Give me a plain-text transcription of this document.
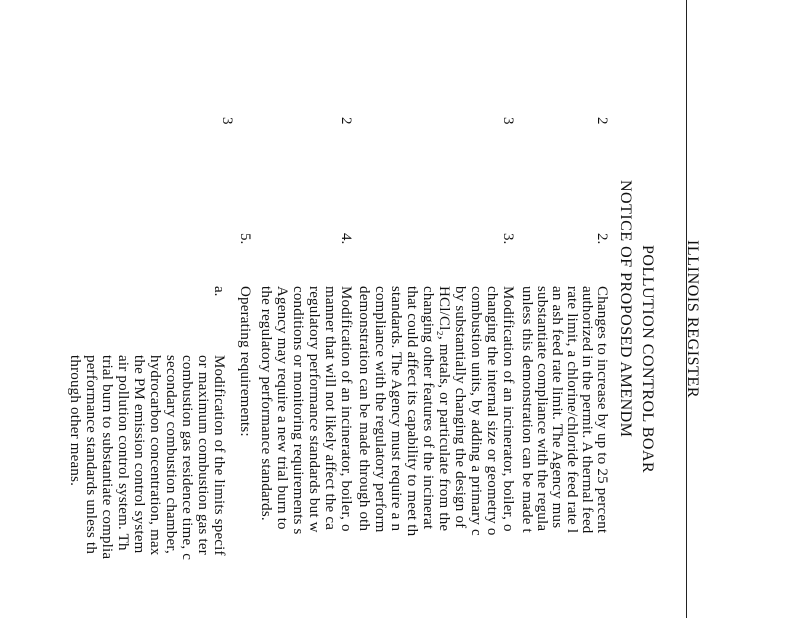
ILLINOIS REGISTER
POLLUTION CONTROL BOAR
NOTICE OF PROPOSED AMENDM
2
3
2
3
2.
Changes to increase by up to 25 percent
authorized in the permit. A thermal feed
rate limit, a chlorine/chloride feed rate l
an ash feed rate limit. The Agency mus
substantiate compliance with the regula
unless this demonstration can be made t
3.
Modification of an incinerator, boiler, o
changing the internal size or geometry o
combustion units, by adding a primary c
by substantially changing the design of
HCl/Cl₂, metals, or particulate from the
changing other features of the incinerat
that could affect its capability to meet th
standards. The Agency must require a n
compliance with the regulatory perform
demonstration can be made through oth
4.
Modification of an incinerator, boiler, o
manner that will not likely affect the ca
regulatory performance standards but w
conditions or monitoring requirements s
Agency may require a new trial burn to
the regulatory performance standards.
5.
Operating requirements:
a.
Modification of the limits specif
or maximum combustion gas ter
combustion gas residence time, c
secondary combustion chamber,
hydrocarbon concentration, max
the PM emission control system
air pollution control system. Th
trial burn to substantiate complia
performance standards unless th
through other means.
